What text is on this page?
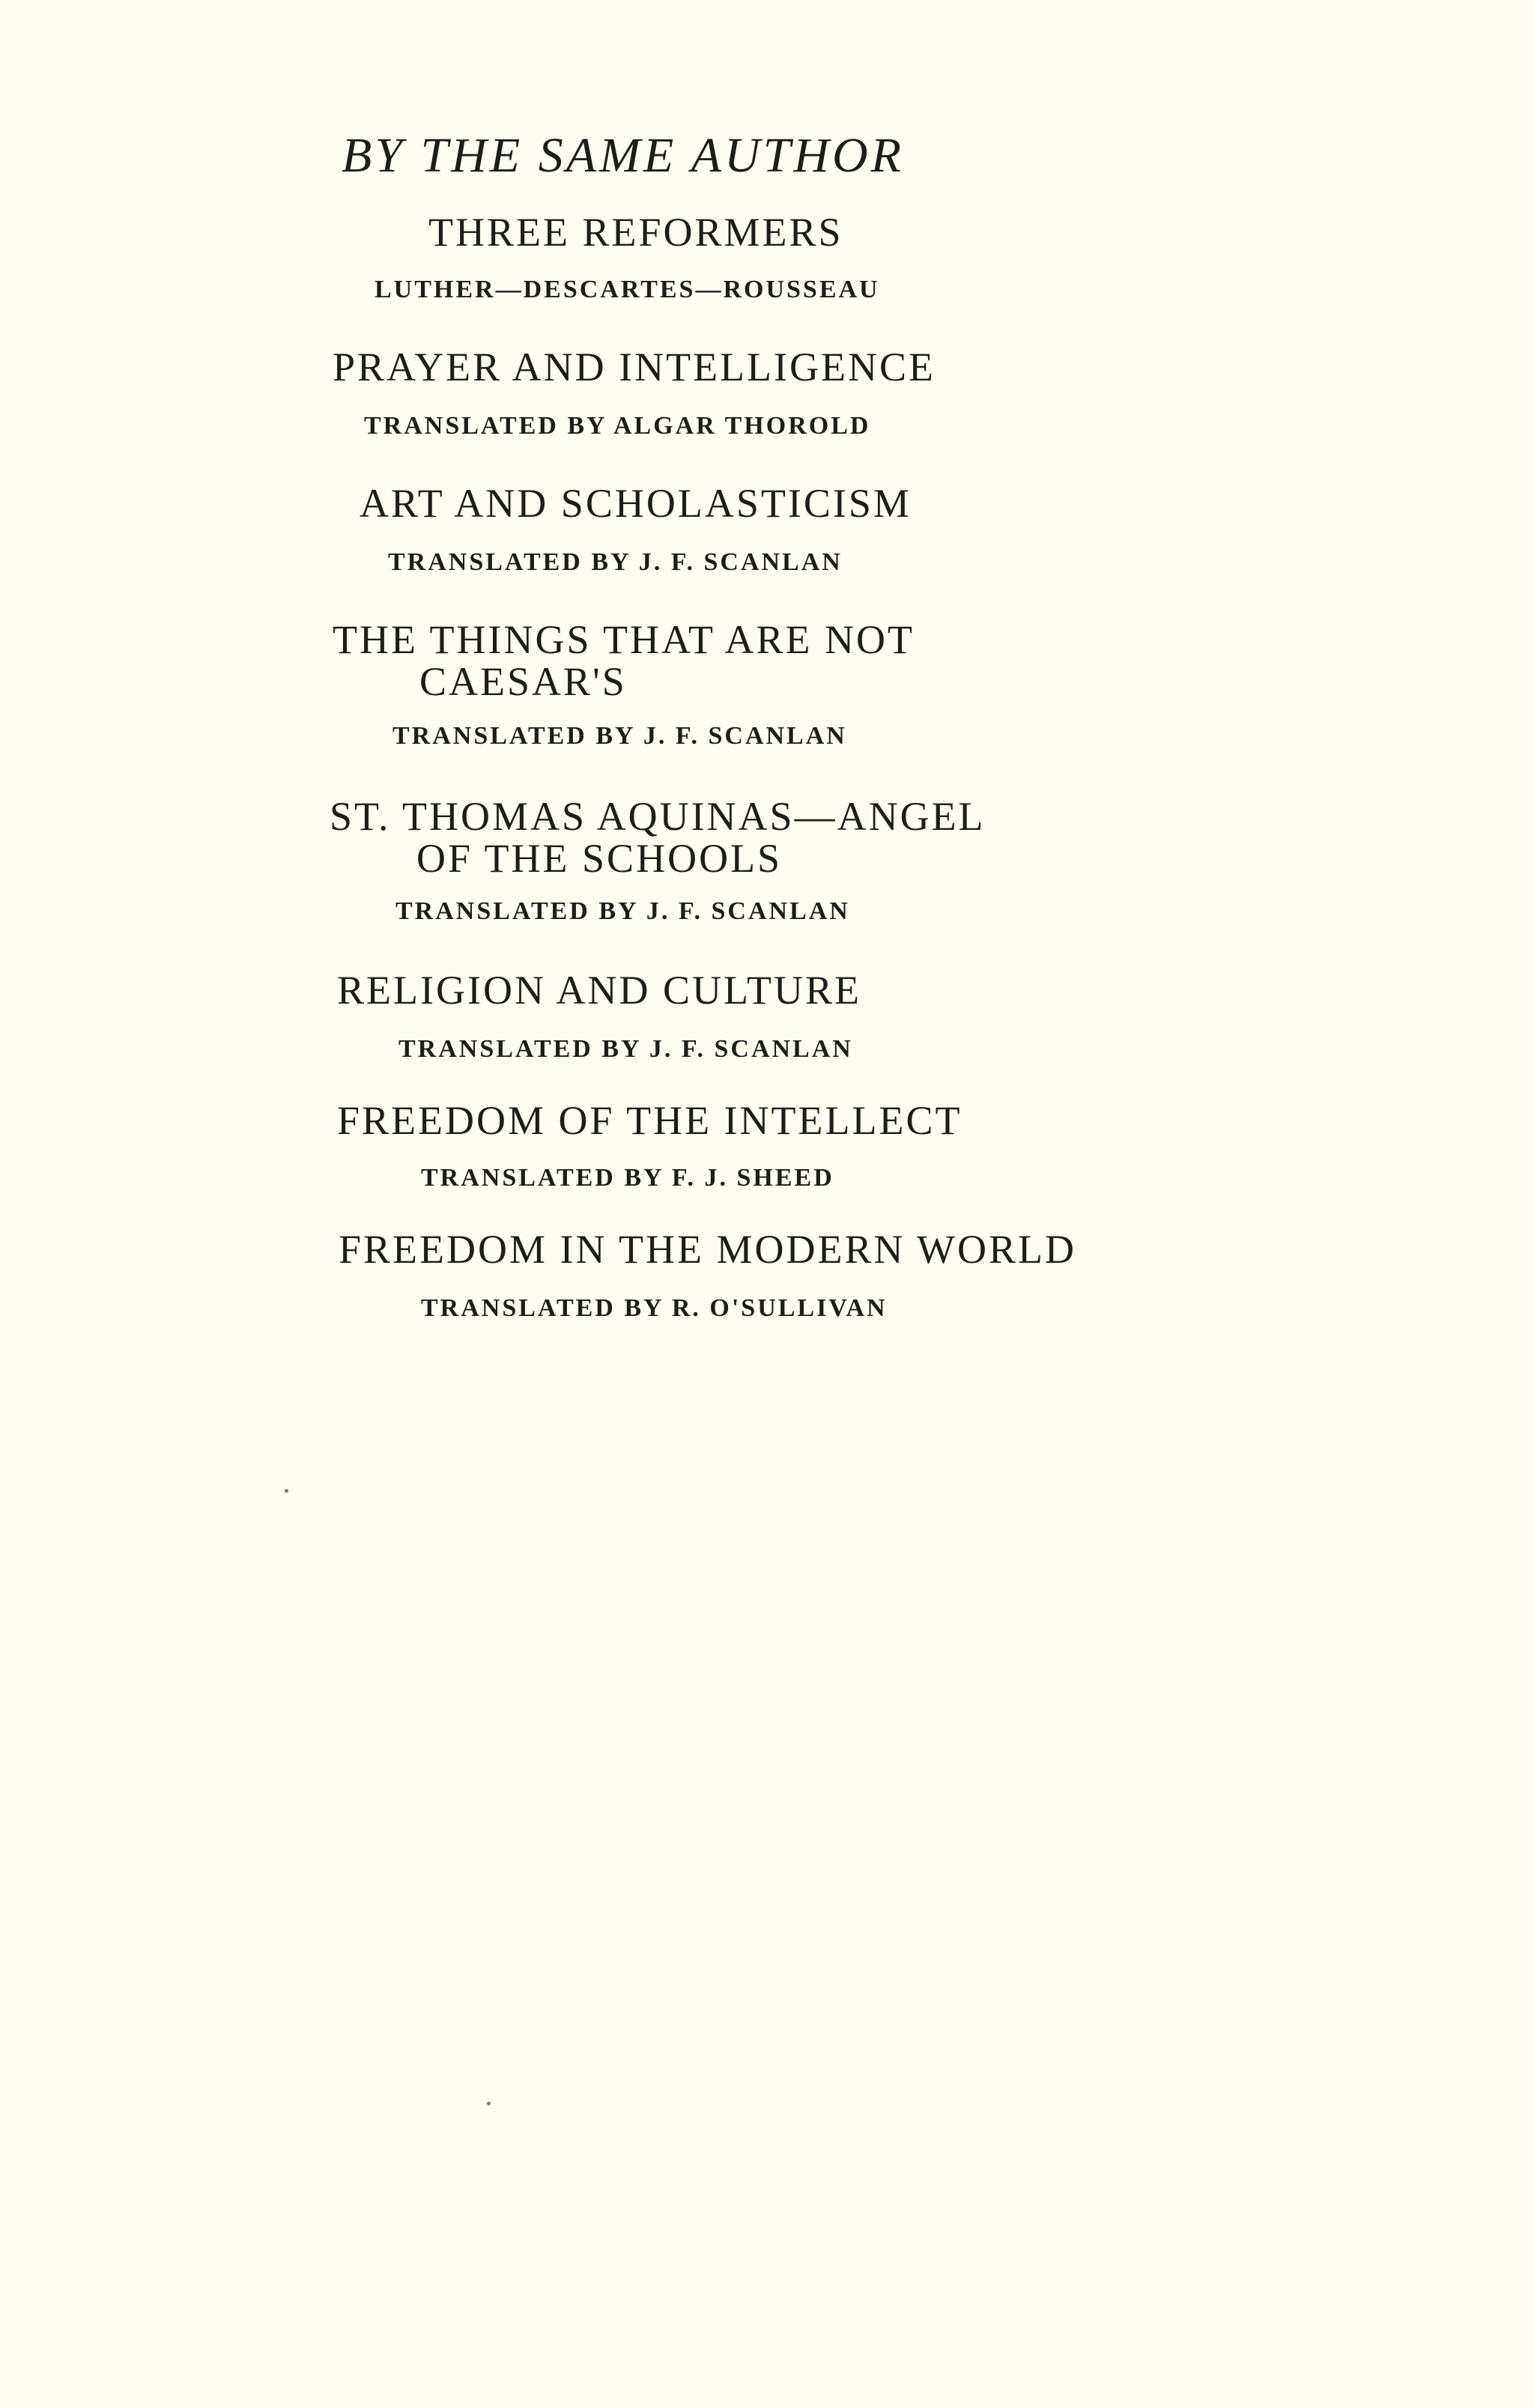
BY THE SAME AUTHOR
THREE REFORMERS
LUTHER—DESCARTES—ROUSSEAU
PRAYER AND INTELLIGENCE
TRANSLATED BY ALGAR THOROLD
ART AND SCHOLASTICISM
TRANSLATED BY J. F. SCANLAN
THE THINGS THAT ARE NOT
CAESAR'S
TRANSLATED BY J. F. SCANLAN
ST. THOMAS AQUINAS—ANGEL
OF THE SCHOOLS
TRANSLATED BY J. F. SCANLAN
RELIGION AND CULTURE
TRANSLATED BY J. F. SCANLAN
FREEDOM OF THE INTELLECT
TRANSLATED BY F. J. SHEED
FREEDOM IN THE MODERN WORLD
TRANSLATED BY R. O'SULLIVAN
